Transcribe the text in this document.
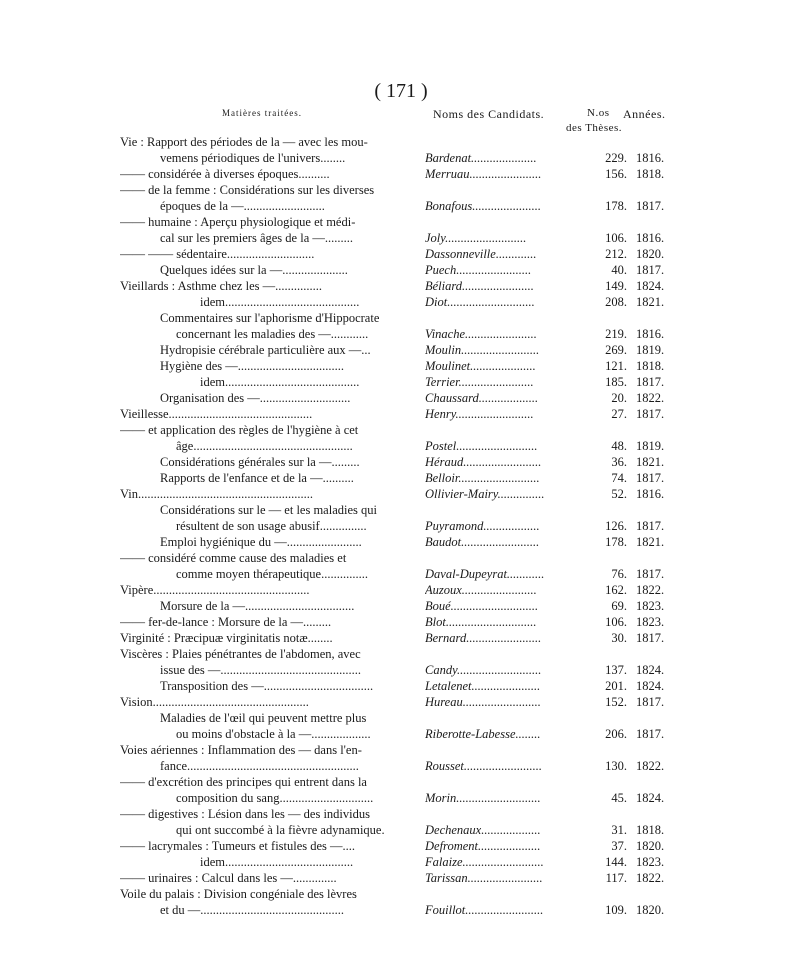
( 171 )
Matières traitées.	Noms des Candidats.	N.os Années.
des Thèses.
Vie : Rapport des périodes de la — avec les mou-
vemens périodiques de l'univers........	Bardenat.....................	229. 1816.
—— considérée à diverses époques..........	Merruau.......................	156. 1818.
—— de la femme : Considérations sur les diverses
époques de la —..........................	Bonafous......................	178. 1817.
—— humaine : Aperçu physiologique et médi-
cal sur les premiers âges de la —.........	Joly..........................	106. 1816.
—— —— sédentaire............................	Dassonneville.............	212. 1820.
Quelques idées sur la —.....................	Puech........................	40. 1817.
Vieillards : Asthme chez les —...............	Béliard.......................	149. 1824.
idem...........................................	Diot............................	208. 1821.
Commentaires sur l'aphorisme d'Hippocrate
concernant les maladies des —............	Vinache.......................	219. 1816.
Hydropisie cérébrale particulière aux —...	Moulin.........................	269. 1819.
Hygiène des —..................................	Moulinet.....................	121. 1818.
idem...........................................	Terrier........................	185. 1817.
Organisation des —.............................	Chaussard...................	20. 1822.
Vieillesse..............................................	Henry.........................	27. 1817.
—— et application des règles de l'hygiène à cet
âge...................................................	Postel..........................	48. 1819.
Considérations générales sur la —.........	Héraud.........................	36. 1821.
Rapports de l'enfance et de la —..........	Belloir..........................	74. 1817.
Vin........................................................	Ollivier-Mairy...............	52. 1816.
Considérations sur le — et les maladies qui
résultent de son usage abusif...............	Puyramond..................	126. 1817.
Emploi hygiénique du —........................	Baudot.........................	178. 1821.
—— considéré comme cause des maladies et
comme moyen thérapeutique...............	Daval-Dupeyrat............	76. 1817.
Vipère..................................................	Auzoux........................	162. 1822.
Morsure de la —...................................	Boué............................	69. 1823.
—— fer-de-lance : Morsure de la —.........	Blot.............................	106. 1823.
Virginité : Præcipuæ virginitatis notæ........	Bernard........................	30. 1817.
Viscères : Plaies pénétrantes de l'abdomen, avec
issue des —.............................................	Candy...........................	137. 1824.
Transposition des —...................................	Letalenet......................	201. 1824.
Vision..................................................	Hureau.........................	152. 1817.
Maladies de l'œil qui peuvent mettre plus
ou moins d'obstacle à la —...................	Riberotte-Labesse........	206. 1817.
Voies aériennes : Inflammation des — dans l'en-
fance.......................................................	Rousset.........................	130. 1822.
—— d'excrétion des principes qui entrent dans la
composition du sang..............................	Morin...........................	45. 1824.
—— digestives : Lésion dans les — des individus
qui ont succombé à la fièvre adynamique.	Dechenaux...................	31. 1818.
—— lacrymales : Tumeurs et fistules des —....	Defroment....................	37. 1820.
idem.........................................	Falaize..........................	144. 1823.
—— urinaires : Calcul dans les —..............	Tarissan........................	117. 1822.
Voile du palais : Division congéniale des lèvres
et du —..............................................	Fouillot.........................	109. 1820.
